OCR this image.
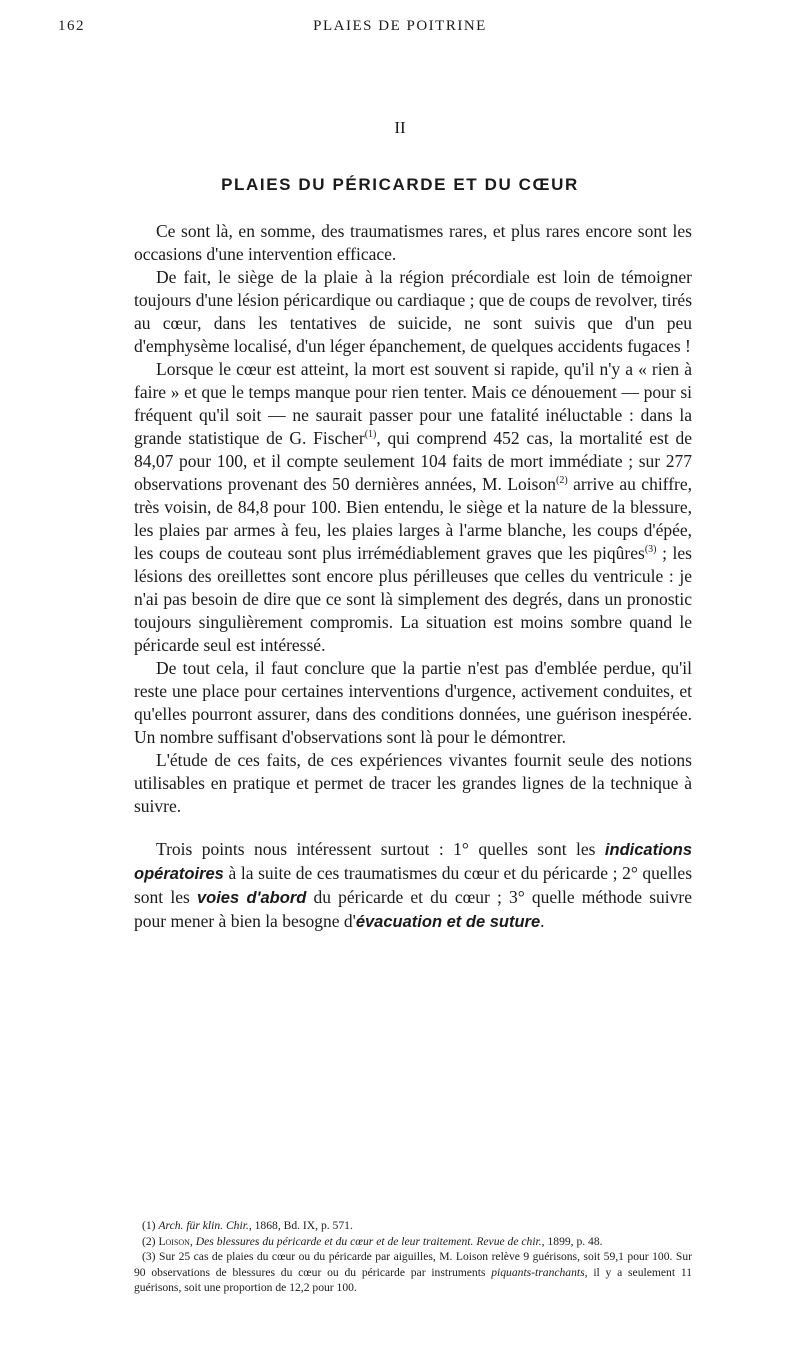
162	PLAIES DE POITRINE
II
PLAIES DU PÉRICARDE ET DU CŒUR

Ce sont là, en somme, des traumatismes rares, et plus rares encore sont les occasions d'une intervention efficace.

De fait, le siège de la plaie à la région précordiale est loin de témoigner toujours d'une lésion péricardique ou cardiaque ; que de coups de revolver, tirés au cœur, dans les tentatives de suicide, ne sont suivis que d'un peu d'emphysème localisé, d'un léger épanchement, de quelques accidents fugaces !

Lorsque le cœur est atteint, la mort est souvent si rapide, qu'il n'y a « rien à faire » et que le temps manque pour rien tenter. Mais ce dénouement — pour si fréquent qu'il soit — ne saurait passer pour une fatalité inéluctable : dans la grande statistique de G. Fischer$^{(1)}$, qui comprend 452 cas, la mortalité est de 84,07 pour 100, et il compte seulement 104 faits de mort immédiate ; sur 277 observations provenant des 50 dernières années, M. Loison$^{(2)}$ arrive au chiffre, très voisin, de 84,8 pour 100. Bien entendu, le siège et la nature de la blessure, les plaies par armes à feu, les plaies larges à l'arme blanche, les coups d'épée, les coups de couteau sont plus irrémédiablement graves que les piqûres$^{(3)}$ ; les lésions des oreillettes sont encore plus périlleuses que celles du ventricule : je n'ai pas besoin de dire que ce sont là simplement des degrés, dans un pronostic toujours singulièrement compromis. La situation est moins sombre quand le péricarde seul est intéressé.

De tout cela, il faut conclure que la partie n'est pas d'emblée perdue, qu'il reste une place pour certaines interventions d'urgence, activement conduites, et qu'elles pourront assurer, dans des conditions données, une guérison inespérée. Un nombre suffisant d'observations sont là pour le démontrer.

L'étude de ces faits, de ces expériences vivantes fournit seule des notions utilisables en pratique et permet de tracer les grandes lignes de la technique à suivre.

Trois points nous intéressent surtout : 1° quelles sont les indications opératoires à la suite de ces traumatismes du cœur et du péricarde ; 2° quelles sont les voies d'abord du péricarde et du cœur ; 3° quelle méthode suivre pour mener à bien la besogne d'évacuation et de suture.

(1) Arch. für klin. Chir., 1868, Bd. IX, p. 571.

(2) Loison, Des blessures du péricarde et du cœur et de leur traitement. Revue de chir., 1899, p. 48.

(3) Sur 25 cas de plaies du cœur ou du péricarde par aiguilles, M. Loison relève 9 guérisons, soit 59,1 pour 100. Sur 90 observations de blessures du cœur ou du péricarde par instruments piquants-tranchants, il y a seulement 11 guérisons, soit une proportion de 12,2 pour 100.
